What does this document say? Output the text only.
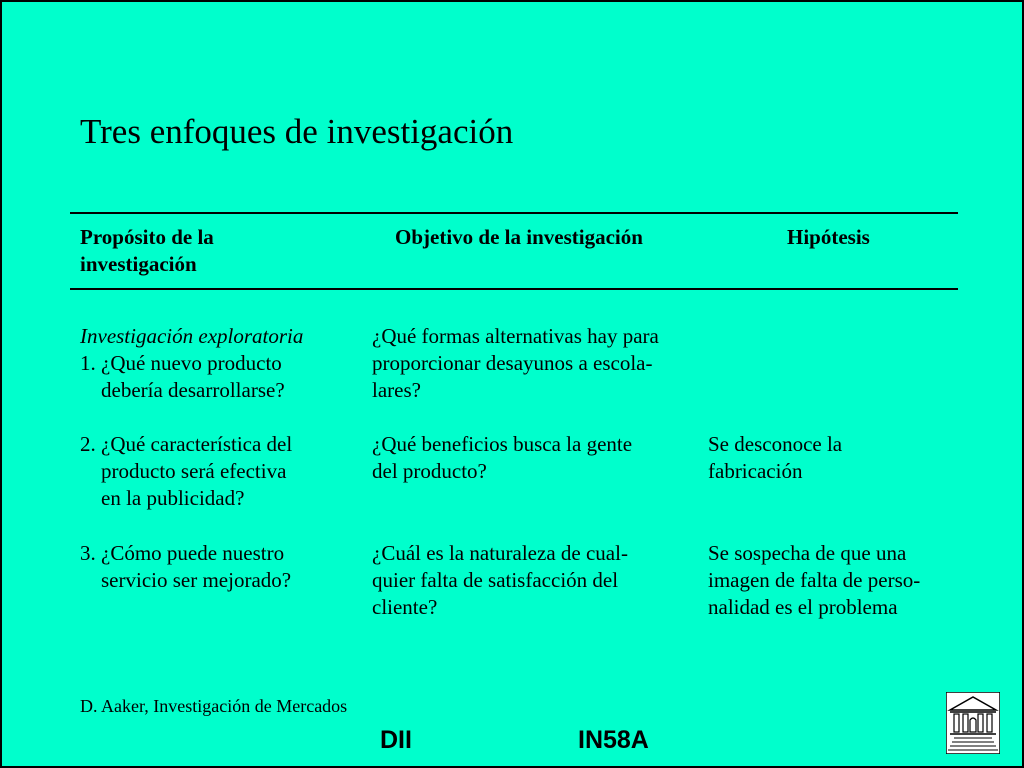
Tres enfoques de investigación
Propósito de la
investigación
Objetivo de la investigación	Hipótesis
Investigación exploratoria
1. ¿Qué nuevo producto
debería desarrollarse?
¿Qué formas alternativas hay para
proporcionar desayunos a escola-
lares?
2. ¿Qué característica del
producto será efectiva
en la publicidad?
¿Qué beneficios busca la gente
del producto?
Se desconoce la
fabricación
3. ¿Cómo puede nuestro
servicio ser mejorado?
¿Cuál es la naturaleza de cual-
quier falta de satisfacción del
cliente?
Se sospecha de que una
imagen de falta de perso-
nalidad es el problema
D. Aaker, Investigación de Mercados
DII	IN58A
